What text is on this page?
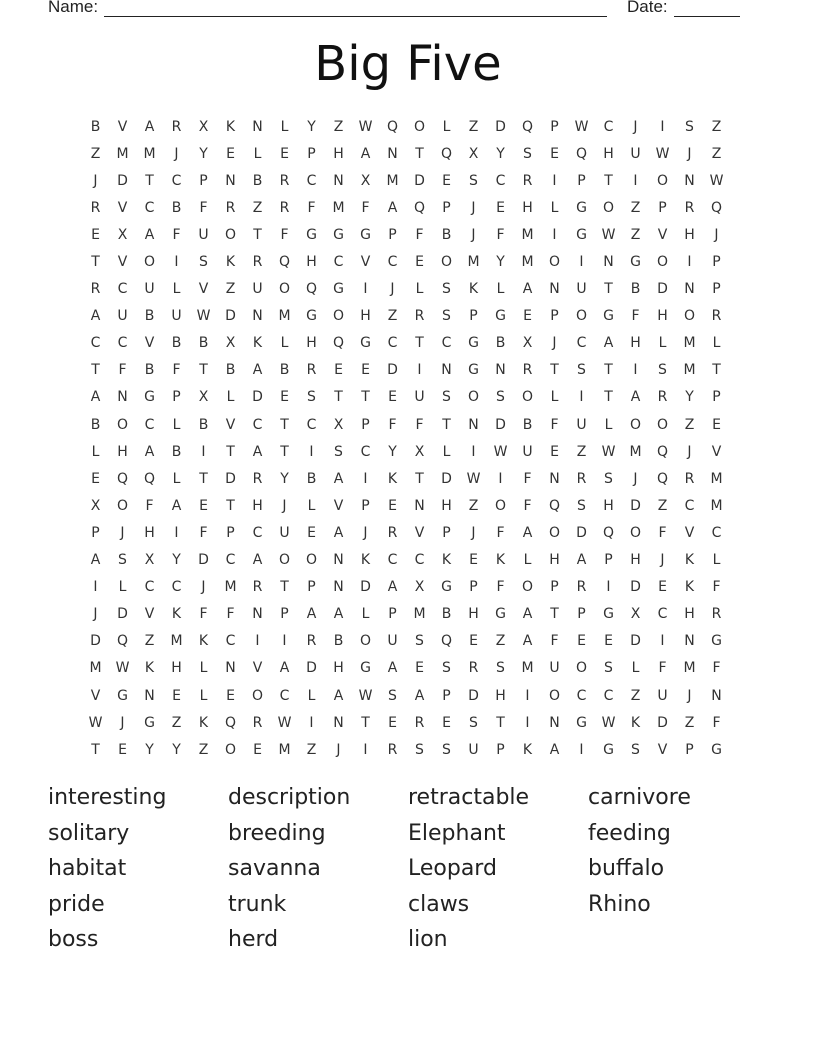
Name:	Date:
Big Five
B	V	A	R	X	K	N	L	Y	Z	W	Q	O	L	Z	D	Q	P	W	C	J	I	S	Z
Z	M	M	J	Y	E	L	E	P	H	A	N	T	Q	X	Y	S	E	Q	H	U	W	J	Z
J	D	T	C	P	N	B	R	C	N	X	M	D	E	S	C	R	I	P	T	I	O	N	W
R	V	C	B	F	R	Z	R	F	M	F	A	Q	P	J	E	H	L	G	O	Z	P	R	Q
E	X	A	F	U	O	T	F	G	G	G	P	F	B	J	F	M	I	G	W	Z	V	H	J
T	V	O	I	S	K	R	Q	H	C	V	C	E	O	M	Y	M	O	I	N	G	O	I	P
R	C	U	L	V	Z	U	O	Q	G	I	J	L	S	K	L	A	N	U	T	B	D	N	P
A	U	B	U	W	D	N	M	G	O	H	Z	R	S	P	G	E	P	O	G	F	H	O	R
C	C	V	B	B	X	K	L	H	Q	G	C	T	C	G	B	X	J	C	A	H	L	M	L
T	F	B	F	T	B	A	B	R	E	E	D	I	N	G	N	R	T	S	T	I	S	M	T
A	N	G	P	X	L	D	E	S	T	T	E	U	S	O	S	O	L	I	T	A	R	Y	P
B	O	C	L	B	V	C	T	C	X	P	F	F	T	N	D	B	F	U	L	O	O	Z	E
L	H	A	B	I	T	A	T	I	S	C	Y	X	L	I	W	U	E	Z	W	M	Q	J	V
E	Q	Q	L	T	D	R	Y	B	A	I	K	T	D	W	I	F	N	R	S	J	Q	R	M
X	O	F	A	E	T	H	J	L	V	P	E	N	H	Z	O	F	Q	S	H	D	Z	C	M
P	J	H	I	F	P	C	U	E	A	J	R	V	P	J	F	A	O	D	Q	O	F	V	C
A	S	X	Y	D	C	A	O	O	N	K	C	C	K	E	K	L	H	A	P	H	J	K	L
I	L	C	C	J	M	R	T	P	N	D	A	X	G	P	F	O	P	R	I	D	E	K	F
J	D	V	K	F	F	N	P	A	A	L	P	M	B	H	G	A	T	P	G	X	C	H	R
D	Q	Z	M	K	C	I	I	R	B	O	U	S	Q	E	Z	A	F	E	E	D	I	N	G
M	W	K	H	L	N	V	A	D	H	G	A	E	S	R	S	M	U	O	S	L	F	M	F
V	G	N	E	L	E	O	C	L	A	W	S	A	P	D	H	I	O	C	C	Z	U	J	N
W	J	G	Z	K	Q	R	W	I	N	T	E	R	E	S	T	I	N	G	W	K	D	Z	F
T	E	Y	Y	Z	O	E	M	Z	J	I	R	S	S	U	P	K	A	I	G	S	V	P	G
interesting	description	retractable	carnivore
solitary	breeding	Elephant	feeding
habitat	savanna	Leopard	buffalo
pride	trunk	claws	Rhino
boss	herd	lion
